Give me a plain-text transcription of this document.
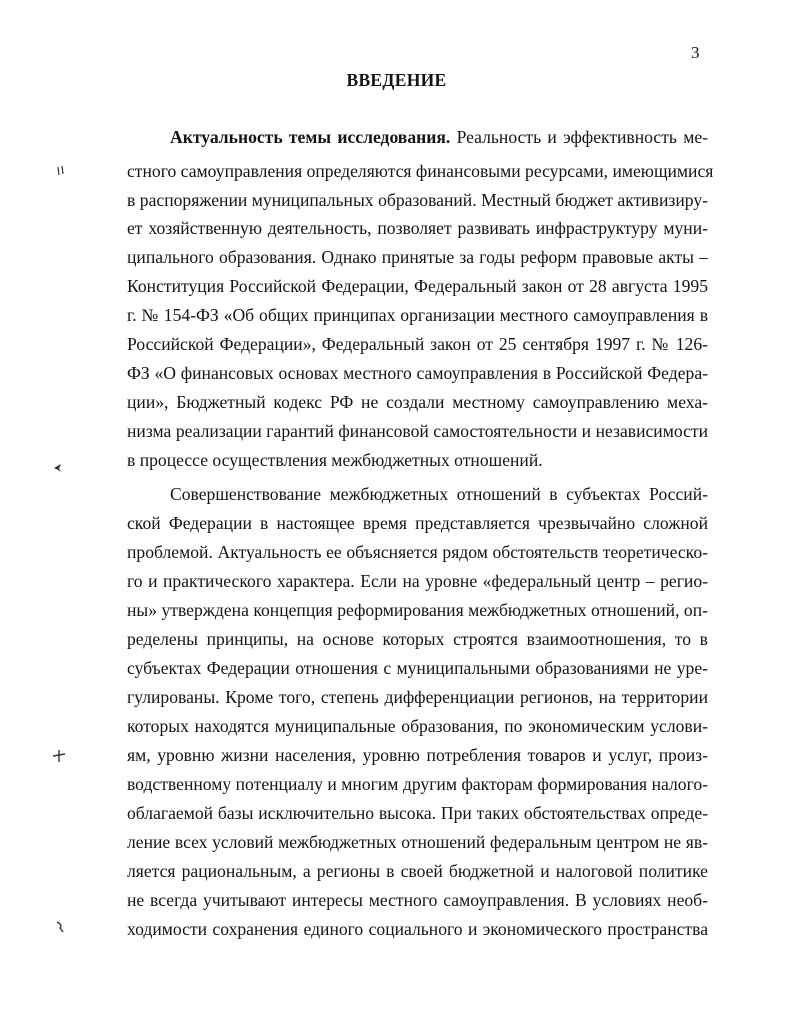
3
ВВЕДЕНИЕ
Актуальность темы исследования. Реальность и эффективность ме-
стного самоуправления определяются финансовыми ресурсами, имеющимися
в распоряжении муниципальных образований. Местный бюджет активизиру-
ет хозяйственную деятельность, позволяет развивать инфраструктуру муни-
ципального образования. Однако принятые за годы реформ правовые акты –
Конституция Российской Федерации, Федеральный закон от 28 августа 1995
г. № 154-ФЗ «Об общих принципах организации местного самоуправления в
Российской Федерации», Федеральный закон от 25 сентября 1997 г. № 126-
ФЗ «О финансовых основах местного самоуправления в Российской Федера-
ции», Бюджетный кодекс РФ не создали местному самоуправлению меха-
низма реализации гарантий финансовой самостоятельности и независимости
в процессе осуществления межбюджетных отношений.
Совершенствование межбюджетных отношений в субъектах Россий-
ской Федерации в настоящее время представляется чрезвычайно сложной
проблемой. Актуальность ее объясняется рядом обстоятельств теоретическо-
го и практического характера. Если на уровне «федеральный центр – регио-
ны» утверждена концепция реформирования межбюджетных отношений, оп-
ределены принципы, на основе которых строятся взаимоотношения, то в
субъектах Федерации отношения с муниципальными образованиями не уре-
гулированы. Кроме того, степень дифференциации регионов, на территории
которых находятся муниципальные образования, по экономическим услови-
ям, уровню жизни населения, уровню потребления товаров и услуг, произ-
водственному потенциалу и многим другим факторам формирования налого-
облагаемой базы исключительно высока. При таких обстоятельствах опреде-
ление всех условий межбюджетных отношений федеральным центром не яв-
ляется рациональным, а регионы в своей бюджетной и налоговой политике
не всегда учитывают интересы местного самоуправления. В условиях необ-
ходимости сохранения единого социального и экономического пространства
